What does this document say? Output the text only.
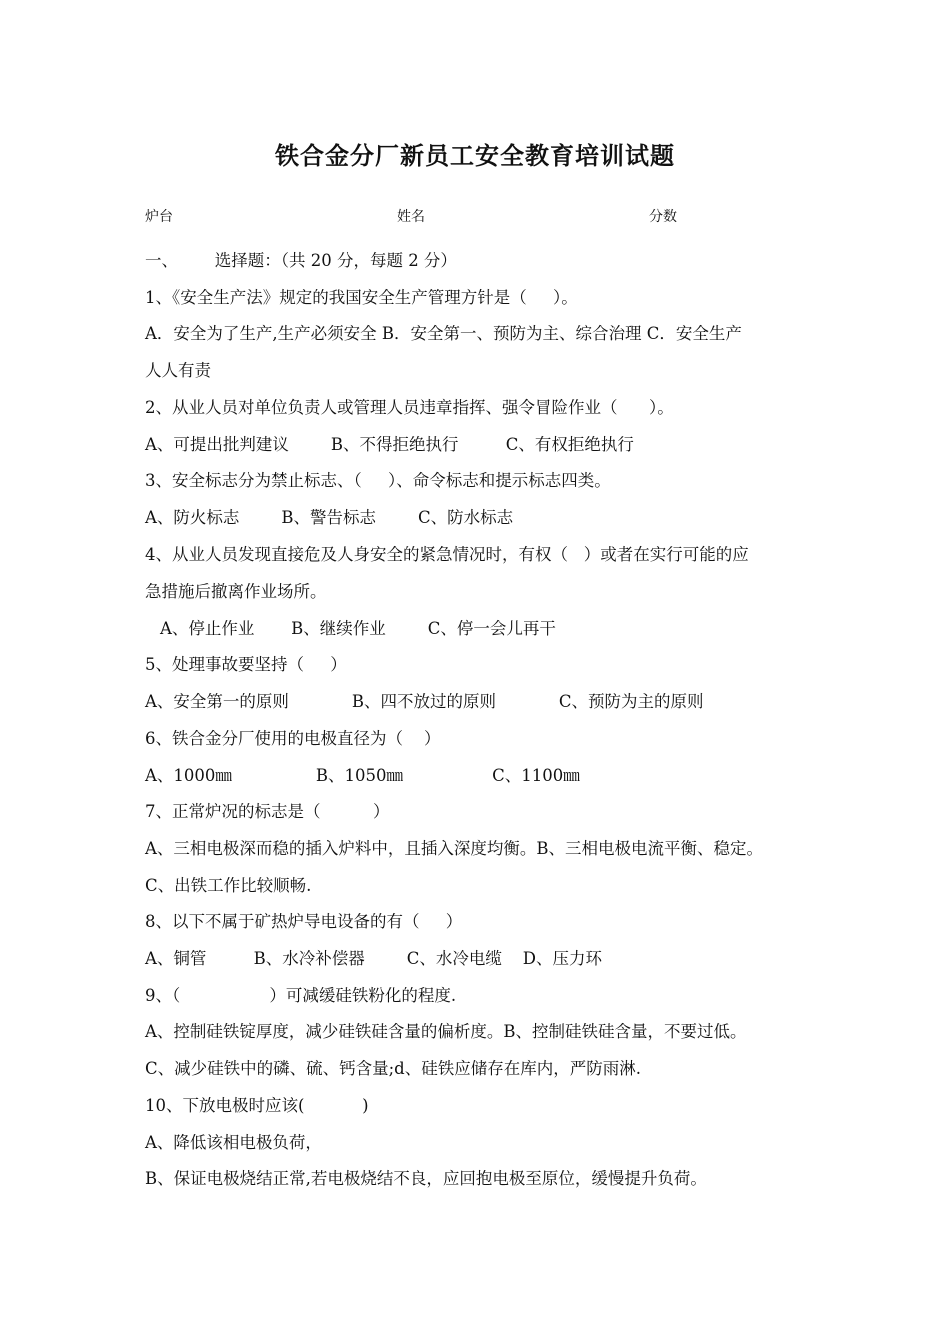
铁合金分厂新员工安全教育培训试题
炉台	姓名	分数
一、       选择题：（共 20 分，每题 2 分）
1、《安全生产法》规定的我国安全生产管理方针是（     ）。
A．安全为了生产,生产必须安全 B．安全第一、预防为主、综合治理 C．安全生产
人人有责
2、从业人员对单位负责人或管理人员违章指挥、强令冒险作业（      ）。
A、可提出批判建议        B、不得拒绝执行         C、有权拒绝执行
3、安全标志分为禁止标志、（     ）、命令标志和提示标志四类。
A、防火标志        B、警告标志        C、防水标志
4、从业人员发现直接危及人身安全的紧急情况时，有权（   ）或者在实行可能的应
急措施后撤离作业场所。
A、停止作业       B、继续作业        C、停一会儿再干
5、处理事故要坚持（     ）
A、安全第一的原则            B、四不放过的原则            C、预防为主的原则
6、铁合金分厂使用的电极直径为（    ）
A、1000㎜                B、1050㎜                 C、1100㎜
7、正常炉况的标志是（          ）
A、三相电极深而稳的插入炉料中，且插入深度均衡。B、三相电极电流平衡、稳定。
C、出铁工作比较顺畅.
8、以下不属于矿热炉导电设备的有（     ）
A、铜管         B、水冷补偿器        C、水冷电缆    D、压力环
9、（                 ）可减缓硅铁粉化的程度.
A、控制硅铁锭厚度，减少硅铁硅含量的偏析度。B、控制硅铁硅含量，不要过低。
C、减少硅铁中的磷、硫、钙含量;d、硅铁应储存在库内，严防雨淋.
10、下放电极时应该(           )
A、降低该相电极负荷，
B、保证电极烧结正常,若电极烧结不良，应回抱电极至原位，缓慢提升负荷。
